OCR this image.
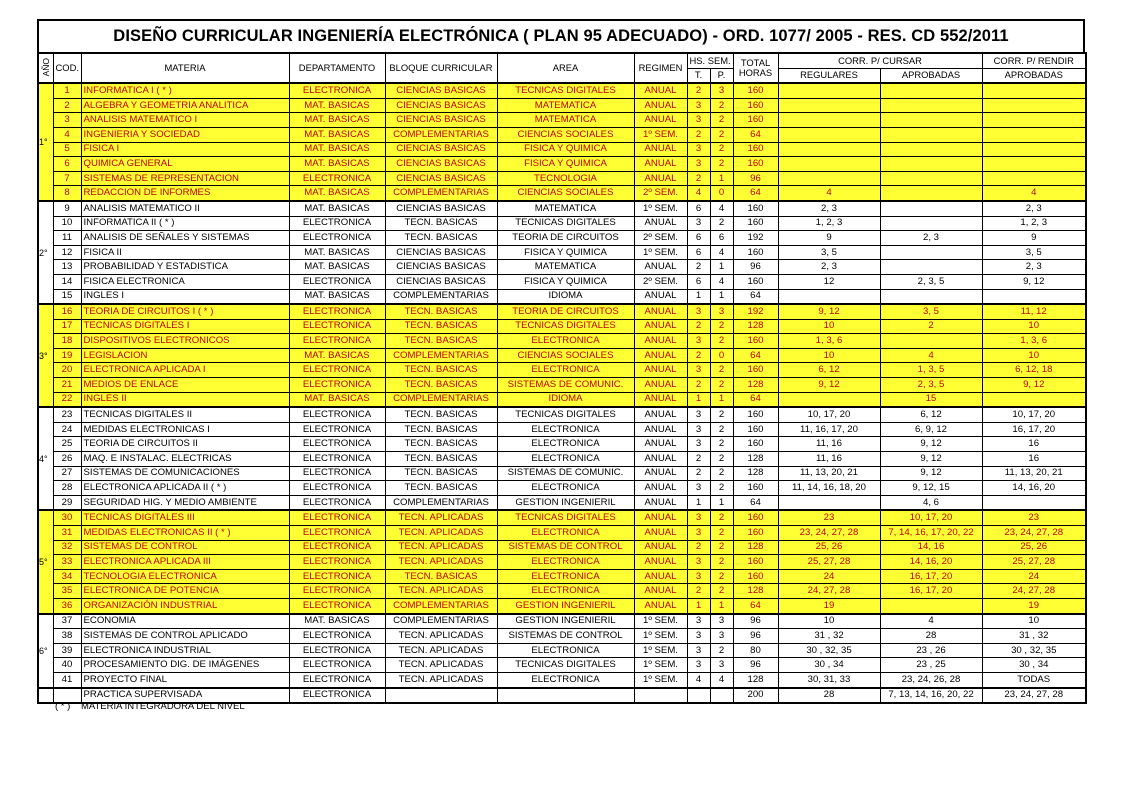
DISEÑO CURRICULAR INGENIERÍA ELECTRÓNICA ( PLAN 95 ADECUADO) - ORD. 1077/ 2005 - RES. CD 552/2011
AÑO	COD.	MATERIA	DEPARTAMENTO	BLOQUE CURRICULAR	AREA	REGIMEN	HS. SEM.		TOTAL HORAS	CORR. P/ CURSAR		CORR. P/ RENDIR
							T.	P.		REGULARES	APROBADAS	APROBADAS
1°	1	INFORMATICA I ( * )	ELECTRONICA	CIENCIAS BASICAS	TECNICAS DIGITALES	ANUAL	2	3	160			
	2	ALGEBRA Y GEOMETRIA ANALITICA	MAT. BASICAS	CIENCIAS BASICAS	MATEMATICA	ANUAL	3	2	160			
	3	ANALISIS MATEMATICO I	MAT. BASICAS	CIENCIAS BASICAS	MATEMATICA	ANUAL	3	2	160			
	4	INGENIERIA Y SOCIEDAD	MAT. BASICAS	COMPLEMENTARIAS	CIENCIAS SOCIALES	1º SEM.	2	2	64			
	5	FISICA I	MAT. BASICAS	CIENCIAS BASICAS	FISICA Y QUIMICA	ANUAL	3	2	160			
	6	QUIMICA GENERAL	MAT. BASICAS	CIENCIAS BASICAS	FISICA Y QUIMICA	ANUAL	3	2	160			
	7	SISTEMAS DE REPRESENTACION	ELECTRONICA	CIENCIAS BASICAS	TECNOLOGIA	ANUAL	2	1	96			
	8	REDACCION DE INFORMES	MAT. BASICAS	COMPLEMENTARIAS	CIENCIAS SOCIALES	2º SEM.	4	0	64	4		4
2°	9	ANALISIS MATEMATICO II	MAT. BASICAS	CIENCIAS BASICAS	MATEMATICA	1º SEM.	6	4	160	2, 3		2, 3
	10	INFORMATICA II ( * )	ELECTRONICA	TECN. BASICAS	TECNICAS DIGITALES	ANUAL	3	2	160	1, 2, 3		1, 2, 3
	11	ANALISIS DE SEÑALES Y SISTEMAS	ELECTRONICA	TECN. BASICAS	TEORIA DE CIRCUITOS	2º SEM.	6	6	192	9	2, 3	9
	12	FISICA II	MAT. BASICAS	CIENCIAS BASICAS	FISICA Y QUIMICA	1º SEM.	6	4	160	3, 5		3, 5
	13	PROBABILIDAD Y ESTADISTICA	MAT. BASICAS	CIENCIAS BASICAS	MATEMATICA	ANUAL	2	1	96	2, 3		2, 3
	14	FISICA ELECTRONICA	ELECTRONICA	CIENCIAS BASICAS	FISICA Y QUIMICA	2º SEM.	6	4	160	12	2, 3, 5	9, 12
	15	INGLES I	MAT. BASICAS	COMPLEMENTARIAS	IDIOMA	ANUAL	1	1	64			
3°	16	TEORIA DE CIRCUITOS I ( * )	ELECTRONICA	TECN. BASICAS	TEORIA DE CIRCUITOS	ANUAL	3	3	192	9, 12	3, 5	11, 12
	17	TECNICAS DIGITALES I	ELECTRONICA	TECN. BASICAS	TECNICAS DIGITALES	ANUAL	2	2	128	10	2	10
	18	DISPOSITIVOS ELECTRONICOS	ELECTRONICA	TECN. BASICAS	ELECTRONICA	ANUAL	3	2	160	1, 3, 6		1, 3, 6
	19	LEGISLACION	MAT. BASICAS	COMPLEMENTARIAS	CIENCIAS SOCIALES	ANUAL	2	0	64	10	4	10
	20	ELECTRONICA APLICADA I	ELECTRONICA	TECN. BASICAS	ELECTRONICA	ANUAL	3	2	160	6, 12	1, 3, 5	6, 12, 18
	21	MEDIOS DE ENLACE	ELECTRONICA	TECN. BASICAS	SISTEMAS DE COMUNIC.	ANUAL	2	2	128	9, 12	2, 3, 5	9, 12
	22	INGLES II	MAT. BASICAS	COMPLEMENTARIAS	IDIOMA	ANUAL	1	1	64		15	
4°	23	TECNICAS DIGITALES II	ELECTRONICA	TECN. BASICAS	TECNICAS DIGITALES	ANUAL	3	2	160	10, 17, 20	6, 12	10, 17, 20
	24	MEDIDAS ELECTRONICAS I	ELECTRONICA	TECN. BASICAS	ELECTRONICA	ANUAL	3	2	160	11, 16, 17, 20	6, 9, 12	16, 17, 20
	25	TEORIA DE CIRCUITOS II	ELECTRONICA	TECN. BASICAS	ELECTRONICA	ANUAL	3	2	160	11, 16	9, 12	16
	26	MAQ. E INSTALAC. ELECTRICAS	ELECTRONICA	TECN. BASICAS	ELECTRONICA	ANUAL	2	2	128	11, 16	9, 12	16
	27	SISTEMAS DE COMUNICACIONES	ELECTRONICA	TECN. BASICAS	SISTEMAS DE COMUNIC.	ANUAL	2	2	128	11, 13, 20, 21	9, 12	11, 13, 20, 21
	28	ELECTRONICA APLICADA II ( * )	ELECTRONICA	TECN. BASICAS	ELECTRONICA	ANUAL	3	2	160	11, 14, 16, 18, 20	9, 12, 15	14, 16, 20
	29	SEGURIDAD HIG. Y MEDIO AMBIENTE	ELECTRONICA	COMPLEMENTARIAS	GESTION INGENIERIL	ANUAL	1	1	64		4, 6	
5°	30	TECNICAS DIGITALES III	ELECTRONICA	TECN. APLICADAS	TECNICAS DIGITALES	ANUAL	3	2	160	23	10, 17, 20	23
	31	MEDIDAS ELECTRONICAS II ( * )	ELECTRONICA	TECN. APLICADAS	ELECTRONICA	ANUAL	3	2	160	23, 24, 27, 28	7, 14, 16, 17, 20, 22	23, 24, 27, 28
	32	SISTEMAS DE CONTROL	ELECTRONICA	TECN. APLICADAS	SISTEMAS DE CONTROL	ANUAL	2	2	128	25, 26	14, 16	25, 26
	33	ELECTRONICA APLICADA III	ELECTRONICA	TECN. APLICADAS	ELECTRONICA	ANUAL	3	2	160	25, 27, 28	14, 16, 20	25, 27, 28
	34	TECNOLOGIA ELECTRONICA	ELECTRONICA	TECN. BASICAS	ELECTRONICA	ANUAL	3	2	160	24	16, 17, 20	24
	35	ELECTRONICA DE POTENCIA	ELECTRONICA	TECN. APLICADAS	ELECTRONICA	ANUAL	2	2	128	24, 27, 28	16, 17, 20	24, 27, 28
	36	ORGANIZACIÓN INDUSTRIAL	ELECTRONICA	COMPLEMENTARIAS	GESTION INGENIERIL	ANUAL	1	1	64	19		19
6°	37	ECONOMIA	MAT. BASICAS	COMPLEMENTARIAS	GESTION INGENIERIL	1º SEM.	3	3	96	10	4	10
	38	SISTEMAS DE CONTROL APLICADO	ELECTRONICA	TECN. APLICADAS	SISTEMAS DE CONTROL	1º SEM.	3	3	96	31 , 32	28	31 , 32
	39	ELECTRONICA INDUSTRIAL	ELECTRONICA	TECN. APLICADAS	ELECTRONICA	1º SEM.	3	2	80	30 , 32, 35	23 , 26	30 , 32, 35
	40	PROCESAMIENTO DIG. DE IMÁGENES	ELECTRONICA	TECN. APLICADAS	TECNICAS DIGITALES	1º SEM.	3	3	96	30 , 34	23 , 25	30 , 34
	41	PROYECTO FINAL	ELECTRONICA	TECN. APLICADAS	ELECTRONICA	1º SEM.	4	4	128	30, 31, 33	23, 24, 26, 28	TODAS
		PRACTICA SUPERVISADA	ELECTRONICA						200	28	7, 13, 14, 16, 20, 22	23, 24, 27, 28
( * ) MATERIA INTEGRADORA DEL NIVEL
